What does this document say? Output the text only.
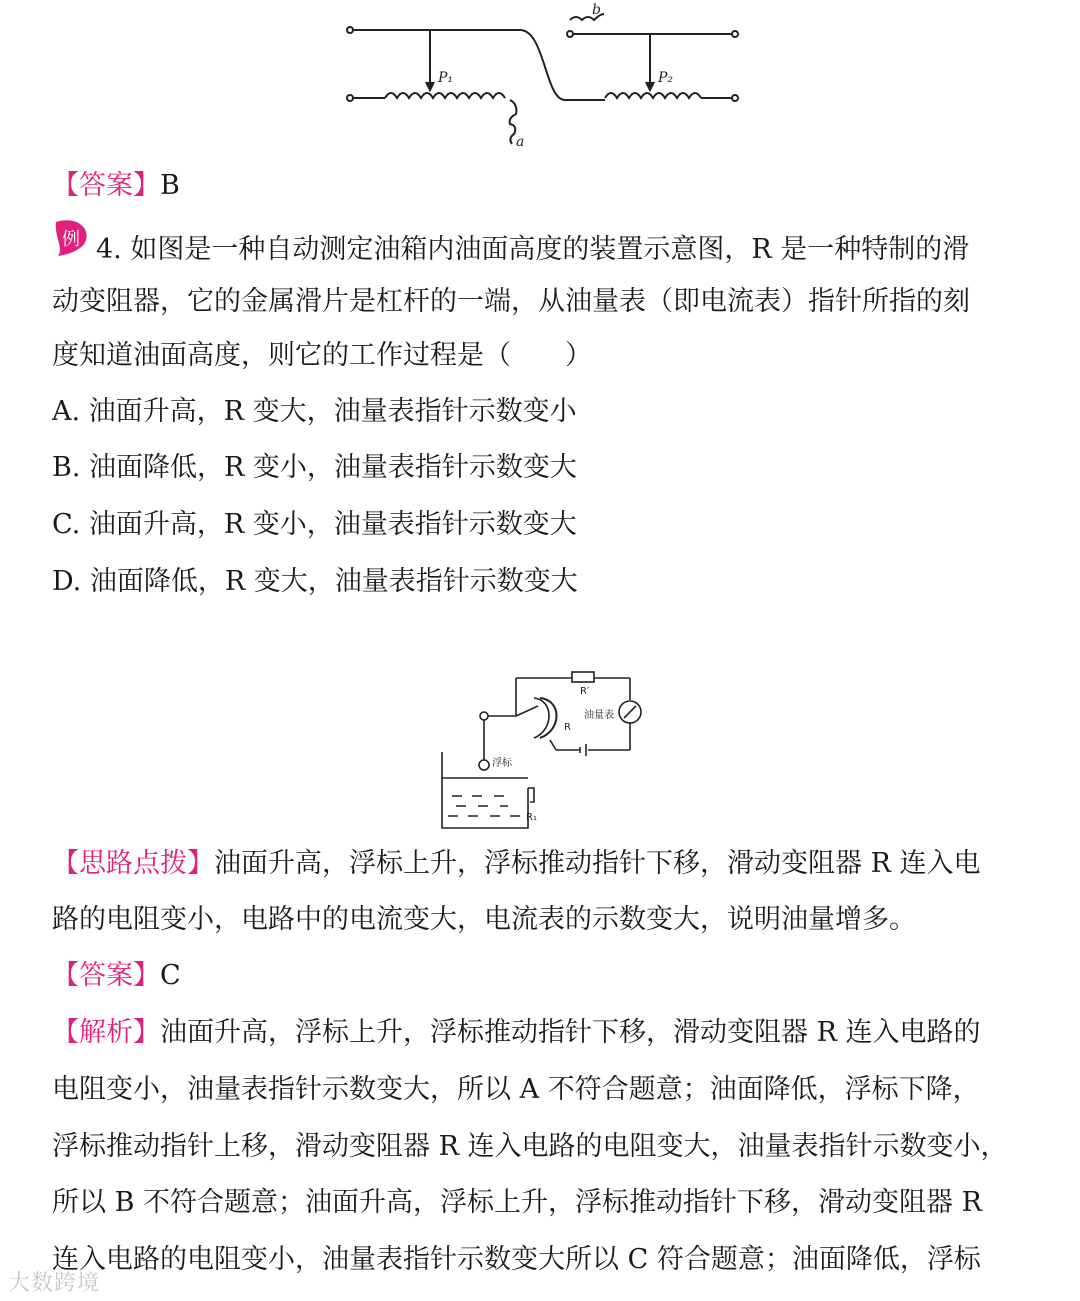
b
P₁	P₂
a
【答案】B
例 4. 如图是一种自动测定油箱内油面高度的装置示意图，R 是一种特制的滑
动变阻器，它的金属滑片是杠杆的一端，从油量表（即电流表）指针所指的刻
度知道油面高度，则它的工作过程是（　　）
A. 油面升高，R 变大，油量表指针示数变小
B. 油面降低，R 变小，油量表指针示数变大
C. 油面升高，R 变小，油量表指针示数变大
D. 油面降低，R 变大，油量表指针示数变大
R′
油量表
R
浮标
R₁
【思路点拨】油面升高，浮标上升，浮标推动指针下移，滑动变阻器 R 连入电
路的电阻变小，电路中的电流变大，电流表的示数变大，说明油量增多。
【答案】C
【解析】油面升高，浮标上升，浮标推动指针下移，滑动变阻器 R 连入电路的
电阻变小，油量表指针示数变大，所以 A 不符合题意；油面降低，浮标下降，
浮标推动指针上移，滑动变阻器 R 连入电路的电阻变大，油量表指针示数变小，
所以 B 不符合题意；油面升高，浮标上升，浮标推动指针下移，滑动变阻器 R
连入电路的电阻变小，油量表指针示数变大所以 C 符合题意；油面降低，浮标
大数跨境
